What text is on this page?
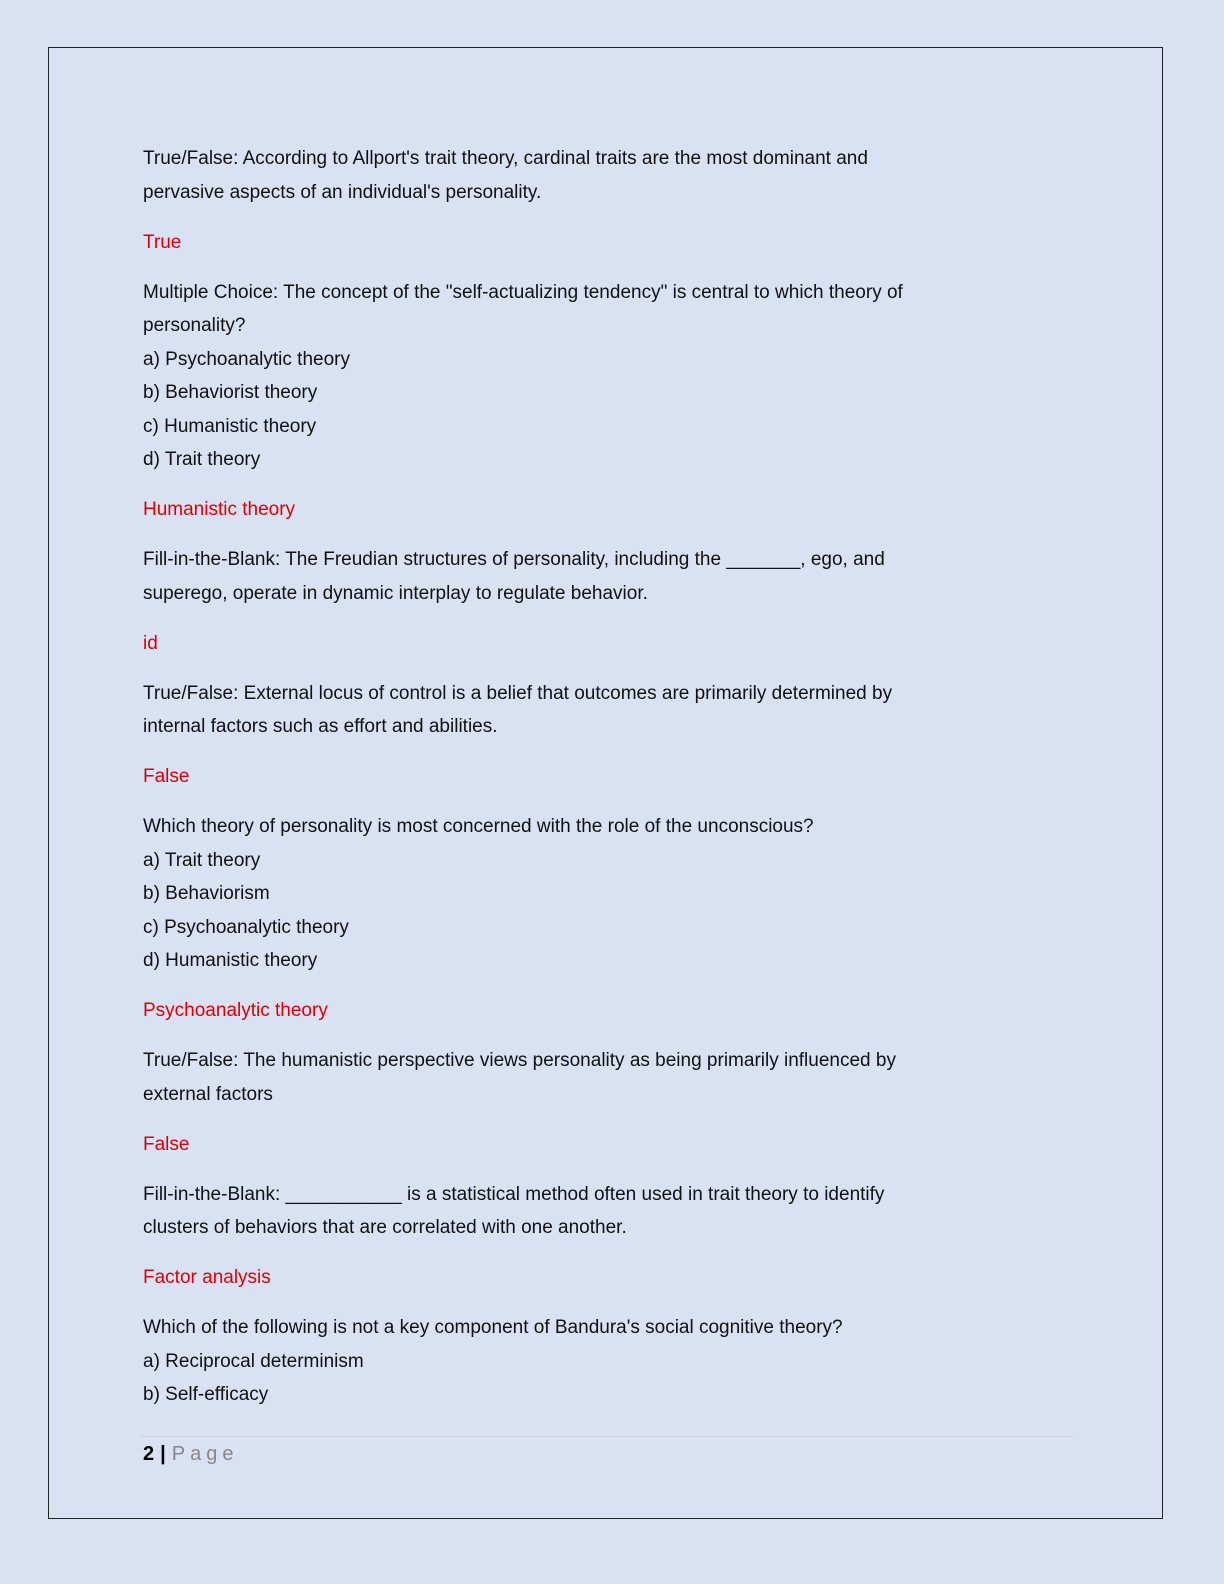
True/False: According to Allport's trait theory, cardinal traits are the most dominant and
pervasive aspects of an individual's personality.
True
Multiple Choice: The concept of the "self-actualizing tendency" is central to which theory of
personality?
a) Psychoanalytic theory
b) Behaviorist theory
c) Humanistic theory
d) Trait theory
Humanistic theory
Fill-in-the-Blank: The Freudian structures of personality, including the _______, ego, and
superego, operate in dynamic interplay to regulate behavior.
id
True/False: External locus of control is a belief that outcomes are primarily determined by
internal factors such as effort and abilities.
False
Which theory of personality is most concerned with the role of the unconscious?
a) Trait theory
b) Behaviorism
c) Psychoanalytic theory
d) Humanistic theory
Psychoanalytic theory
True/False: The humanistic perspective views personality as being primarily influenced by
external factors
False
Fill-in-the-Blank: ___________ is a statistical method often used in trait theory to identify
clusters of behaviors that are correlated with one another.
Factor analysis
Which of the following is not a key component of Bandura's social cognitive theory?
a) Reciprocal determinism
b) Self-efficacy
2 | Page
